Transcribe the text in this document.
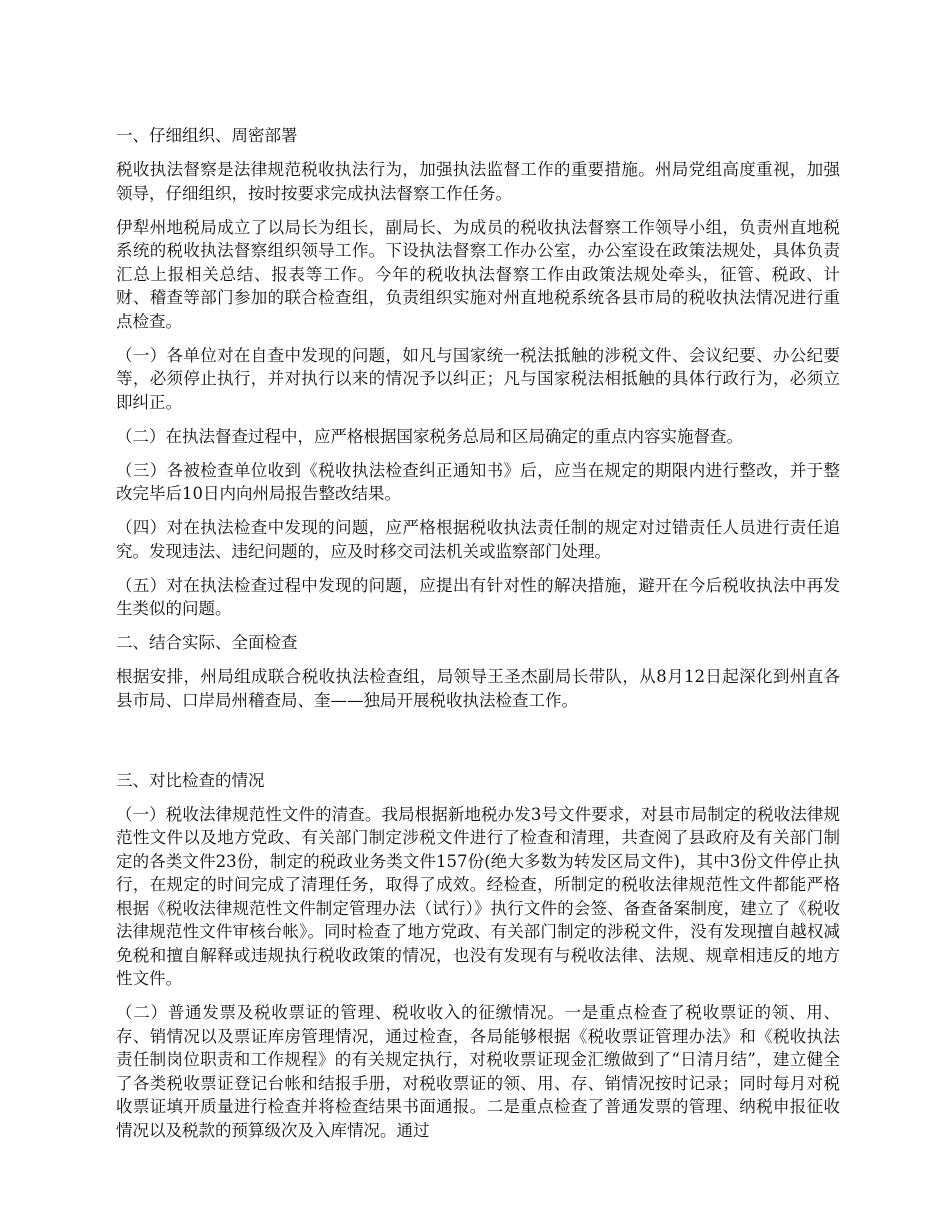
一、仔细组织、周密部署

税收执法督察是法律规范税收执法行为，加强执法监督工作的重要措施。州局党组高度重视，加强领导，仔细组织，按时按要求完成执法督察工作任务。

伊犁州地税局成立了以局长为组长，副局长、为成员的税收执法督察工作领导小组，负责州直地税系统的税收执法督察组织领导工作。下设执法督察工作办公室，办公室设在政策法规处，具体负责汇总上报相关总结、报表等工作。今年的税收执法督察工作由政策法规处牵头，征管、税政、计财、稽查等部门参加的联合检查组，负责组织实施对州直地税系统各县市局的税收执法情况进行重点检查。

（一）各单位对在自查中发现的问题，如凡与国家统一税法抵触的涉税文件、会议纪要、办公纪要等，必须停止执行，并对执行以来的情况予以纠正；凡与国家税法相抵触的具体行政行为，必须立即纠正。

（二）在执法督查过程中，应严格根据国家税务总局和区局确定的重点内容实施督查。

（三）各被检查单位收到《税收执法检查纠正通知书》后，应当在规定的期限内进行整改，并于整改完毕后10日内向州局报告整改结果。

（四）对在执法检查中发现的问题，应严格根据税收执法责任制的规定对过错责任人员进行责任追究。发现违法、违纪问题的，应及时移交司法机关或监察部门处理。

（五）对在执法检查过程中发现的问题，应提出有针对性的解决措施，避开在今后税收执法中再发生类似的问题。

二、结合实际、全面检查

根据安排，州局组成联合税收执法检查组，局领导王圣杰副局长带队，从8月12日起深化到州直各县市局、口岸局州稽查局、奎——独局开展税收执法检查工作。

三、对比检查的情况

（一）税收法律规范性文件的清查。我局根据新地税办发3号文件要求，对县市局制定的税收法律规范性文件以及地方党政、有关部门制定涉税文件进行了检查和清理，共查阅了县政府及有关部门制定的各类文件23份，制定的税政业务类文件157份(绝大多数为转发区局文件)，其中3份文件停止执行，在规定的时间完成了清理任务，取得了成效。经检查，所制定的税收法律规范性文件都能严格根据《税收法律规范性文件制定管理办法（试行）》执行文件的会签、备查备案制度，建立了《税收法律规范性文件审核台帐》。同时检查了地方党政、有关部门制定的涉税文件，没有发现擅自越权减免税和擅自解释或违规执行税收政策的情况，也没有发现有与税收法律、法规、规章相违反的地方性文件。

（二）普通发票及税收票证的管理、税收收入的征缴情况。一是重点检查了税收票证的领、用、存、销情况以及票证库房管理情况，通过检查，各局能够根据《税收票证管理办法》和《税收执法责任制岗位职责和工作规程》的有关规定执行，对税收票证现金汇缴做到了“日清月结”，建立健全了各类税收票证登记台帐和结报手册，对税收票证的领、用、存、销情况按时记录；同时每月对税收票证填开质量进行检查并将检查结果书面通报。二是重点检查了普通发票的管理、纳税申报征收情况以及税款的预算级次及入库情况。通过
